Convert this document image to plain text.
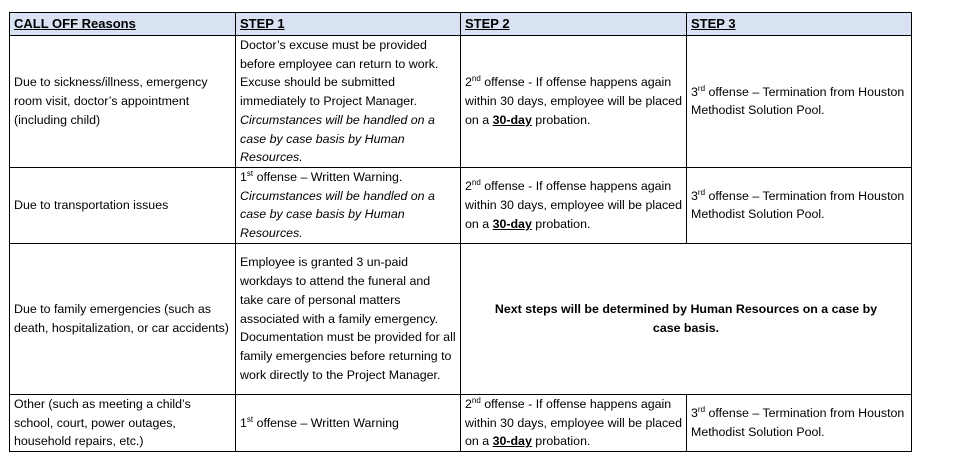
CALL OFF Reasons	STEP 1	STEP 2	STEP 3
Due to sickness/illness, emergency room visit, doctor’s appointment (including child)	Doctor’s excuse must be provided before employee can return to work. Excuse should be submitted immediately to Project Manager. Circumstances will be handled on a case by case basis by Human Resources.	2nd offense - If offense happens again within 30 days, employee will be placed on a 30-day probation.	3rd offense – Termination from Houston Methodist Solution Pool.
Due to transportation issues	1st offense – Written Warning. Circumstances will be handled on a case by case basis by Human Resources.	2nd offense - If offense happens again within 30 days, employee will be placed on a 30-day probation.	3rd offense – Termination from Houston Methodist Solution Pool.
Due to family emergencies (such as death, hospitalization, or car accidents)	Employee is granted 3 un-paid workdays to attend the funeral and take care of personal matters associated with a family emergency. Documentation must be provided for all family emergencies before returning to work directly to the Project Manager.	Next steps will be determined by Human Resources on a case by case basis.	
Other (such as meeting a child’s school, court, power outages, household repairs, etc.)	1st offense – Written Warning	2nd offense - If offense happens again within 30 days, employee will be placed on a 30-day probation.	3rd offense – Termination from Houston Methodist Solution Pool.
